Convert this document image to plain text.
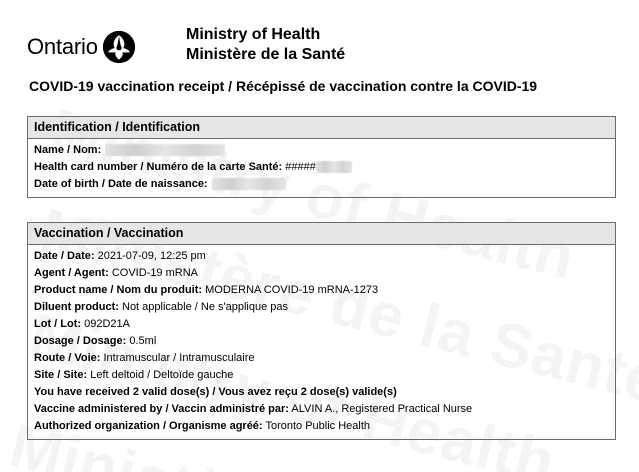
Ontario	Ministry of Health
Ministère de la Santé
COVID-19 vaccination receipt / Récépissé de vaccination contre la COVID-19
Identification / Identification
Name / Nom:
Health card number / Numéro de la carte Santé: #####
Date of birth / Date de naissance:
Vaccination / Vaccination
Date / Date: 2021-07-09, 12:25 pm
Agent / Agent: COVID-19 mRNA
Product name / Nom du produit: MODERNA COVID-19 mRNA-1273
Diluent product: Not applicable / Ne s'applique pas
Lot / Lot: 092D21A
Dosage / Dosage: 0.5ml
Route / Voie: Intramuscular / Intramusculaire
Site / Site: Left deltoid / Deltoïde gauche
You have received 2 valid dose(s) / Vous avez reçu 2 dose(s) valide(s)
Vaccine administered by / Vaccin administré par: ALVIN A., Registered Practical Nurse
Authorized organization / Organisme agréé: Toronto Public Health
